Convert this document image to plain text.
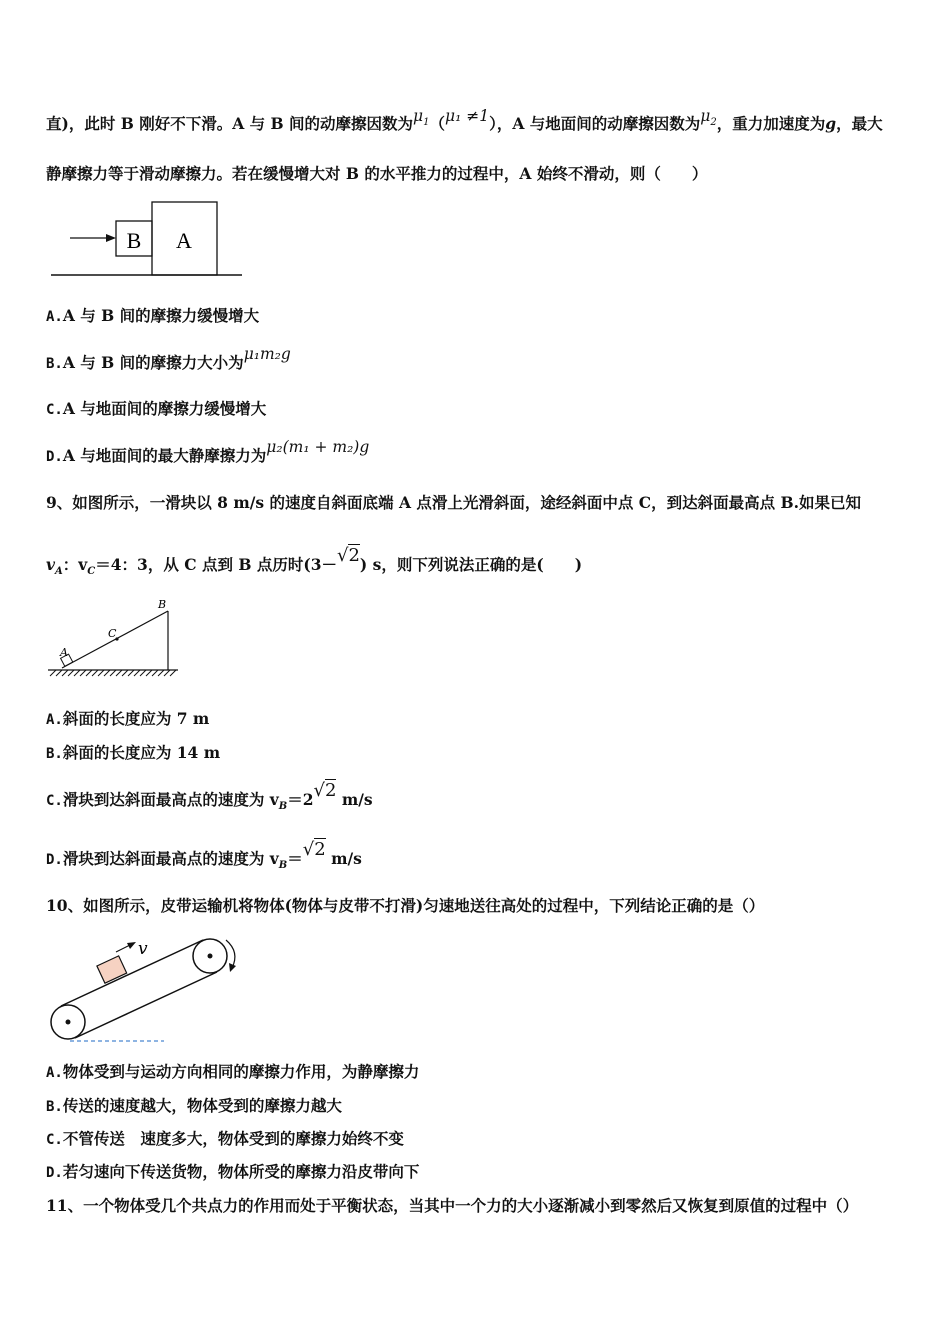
直)，此时 B 刚好不下滑。A 与 B 间的动摩擦因数为$\mu_1(\mu_1 \ne 1)$，A 与地面间的动摩擦因数为$\mu_2$，重力加速度为g，最大
静摩擦力等于滑动摩擦力。若在缓慢增大对 B 的水平推力的过程中，A 始终不滑动，则（　　）
B A
A.A 与 B 间的摩擦力缓慢增大
B.A 与 B 间的摩擦力大小为μ₁m₂g
C.A 与地面间的摩擦力缓慢增大
D.A 与地面间的最大静摩擦力为μ₂(m₁ + m₂)g
9、如图所示，一滑块以 8 m/s 的速度自斜面底端 A 点滑上光滑斜面，途经斜面中点 C，到达斜面最高点 B.如果已知
$v_A$：$v_C=4$：3，从 C 点到 B 点历时(3－√2) s，则下列说法正确的是(　　)
A
C
B
A.斜面的长度应为 7 m
B.斜面的长度应为 14 m
C.滑块到达斜面最高点的速度为 $v_B=2√2$ m/s
D.滑块到达斜面最高点的速度为 $v_B=√2$ m/s
10、如图所示，皮带运输机将物体(物体与皮带不打滑)匀速地送往高处的过程中，下列结论正确的是（）
v
A.物体受到与运动方向相同的摩擦力作用，为静摩擦力
B.传送的速度越大，物体受到的摩擦力越大
C.不管传送　速度多大，物体受到的摩擦力始终不变
D.若匀速向下传送货物，物体所受的摩擦力沿皮带向下
11、一个物体受几个共点力的作用而处于平衡状态，当其中一个力的大小逐渐减小到零然后又恢复到原值的过程中（）
